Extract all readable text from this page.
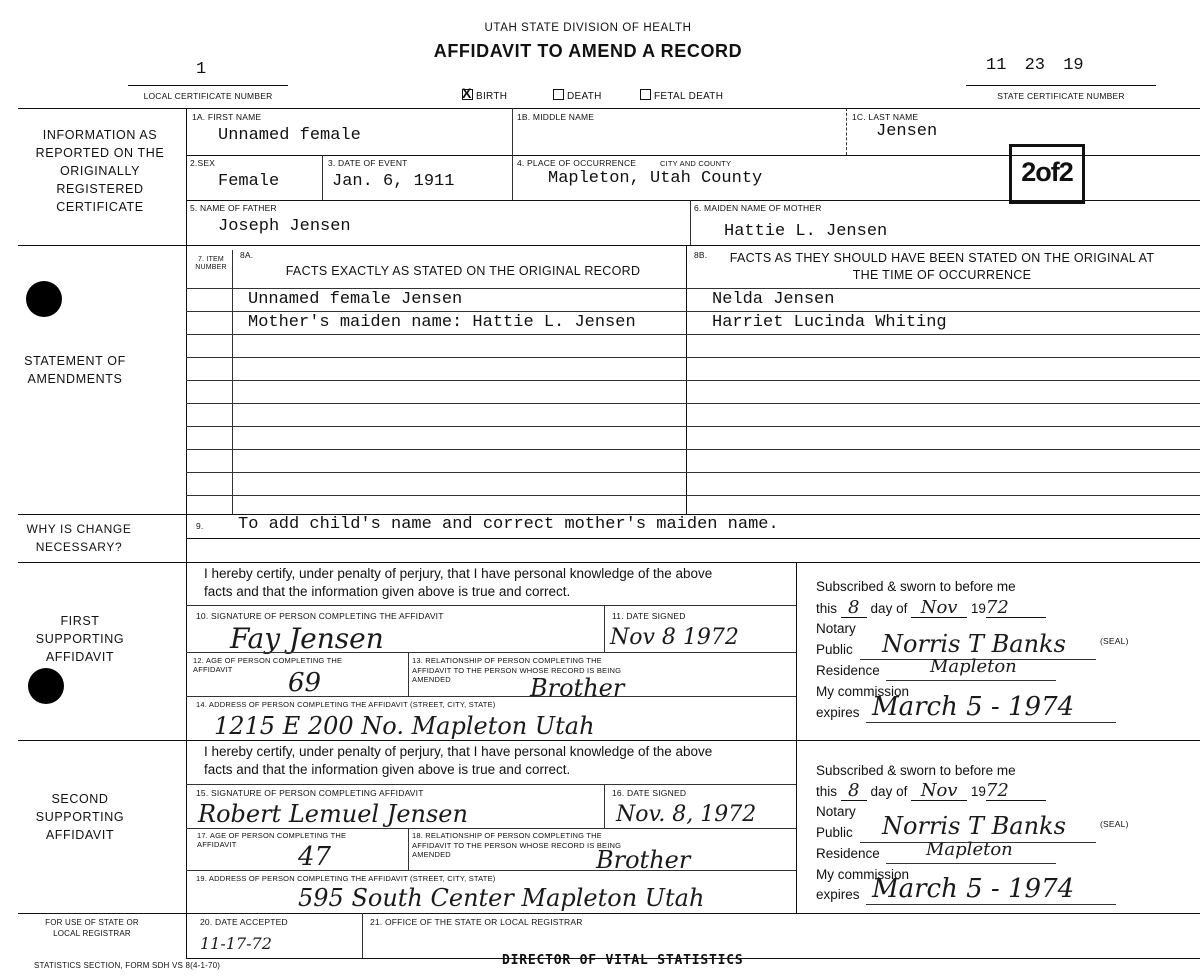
UTAH STATE DIVISION OF HEALTH
AFFIDAVIT TO AMEND A RECORD
1
LOCAL CERTIFICATE NUMBER
11 23 19
STATE CERTIFICATE NUMBER
XBIRTH	DEATH	FETAL DEATH
INFORMATION AS REPORTED ON THE ORIGINALLY REGISTERED CERTIFICATE
1A. FIRST NAME
Unnamed female
1B. MIDDLE NAME	1C. LAST NAME
Jensen
2.SEX
Female
3. DATE OF EVENT
Jan. 6, 1911
4. PLACE OF OCCURRENCE	CITY AND COUNTY
Mapleton, Utah County	2of2
5. NAME OF FATHER
Joseph Jensen
6. MAIDEN NAME OF MOTHER
Hattie L. Jensen
STATEMENT OF AMENDMENTS
7. ITEM NUMBER
8A.
FACTS EXACTLY AS STATED ON THE ORIGINAL RECORD
8B.	FACTS AS THEY SHOULD HAVE BEEN STATED ON THE ORIGINAL AT THE TIME OF OCCURRENCE
Unnamed female Jensen	Nelda Jensen
Mother's maiden name: Hattie L. Jensen	Harriet Lucinda Whiting
WHY IS CHANGE NECESSARY?
9. To add child's name and correct mother's maiden name.
FIRST SUPPORTING AFFIDAVIT
I hereby certify, under penalty of perjury, that I have personal knowledge of the above facts and that the information given above is true and correct.
10. SIGNATURE OF PERSON COMPLETING THE AFFIDAVIT
Fay Jensen
11. DATE SIGNED
Nov 8 1972
12. AGE OF PERSON COMPLETING THE AFFIDAVIT	69
13. RELATIONSHIP OF PERSON COMPLETING THE AFFIDAVIT TO THE PERSON WHOSE RECORD IS BEING AMENDED	Brother
14. ADDRESS OF PERSON COMPLETING THE AFFIDAVIT (STREET, CITY, STATE)
1215 E 200 No. Mapleton Utah
Subscribed & sworn to before me
this 8 day of Nov 1972
Notary
Public Norris T Banks	(SEAL)
Residence	Mapleton
My commission
expires March 5 - 1974
SECOND SUPPORTING AFFIDAVIT
I hereby certify, under penalty of perjury, that I have personal knowledge of the above facts and that the information given above is true and correct.
15. SIGNATURE OF PERSON COMPLETING AFFIDAVIT
Robert Lemuel Jensen
16. DATE SIGNED
Nov. 8, 1972
17. AGE OF PERSON COMPLETING THE AFFIDAVIT	47
18. RELATIONSHIP OF PERSON COMPLETING THE AFFIDAVIT TO THE PERSON WHOSE RECORD IS BEING AMENDED	Brother
19. ADDRESS OF PERSON COMPLETING THE AFFIDAVIT (STREET, CITY, STATE)
595 South Center Mapleton Utah
Subscribed & sworn to before me
this 8 day of Nov 1972
Notary
Public Norris T Banks	(SEAL)
Residence	Mapleton
My commission
expires March 5 - 1974
FOR USE OF STATE OR LOCAL REGISTRAR
20. DATE ACCEPTED
11-17-72
21. OFFICE OF THE STATE OR LOCAL REGISTRAR
DIRECTOR OF VITAL STATISTICS
STATISTICS SECTION, FORM SDH VS 8(4-1-70)
